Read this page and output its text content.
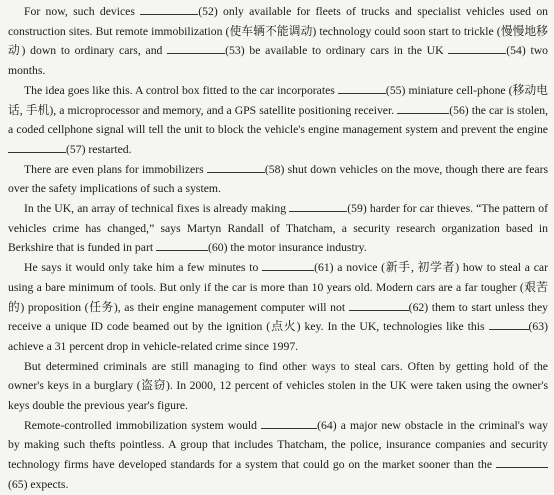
For now, such devices	(52) only available for fleets of trucks and specialist vehicles used on construction sites. But remote immobilization (使车辆不能调动) technology could soon start to trickle (慢慢地移动) down to ordinary cars, and	(53) be available to ordinary cars in the UK	(54) two months.

The idea goes like this. A control box fitted to the car incorporates	(55) miniature cell-phone (移动电话, 手机), a microprocessor and memory, and a GPS satellite positioning receiver.	(56) the car is stolen, a coded cellphone signal will tell the unit to block the vehicle's engine management system and prevent the engine (57) restarted.

There are even plans for immobilizers	(58) shut down vehicles on the move, though there are fears over the safety implications of such a system.

In the UK, an array of technical fixes is already making	(59) harder for car thieves. “The pattern of vehicles crime has changed,” says Martyn Randall of Thatcham, a security research organization based in Berkshire that is funded in part	(60) the motor insurance industry.

He says it would only take him a few minutes to	(61) a novice (新手, 初学者) how to steal a car using a bare minimum of tools. But only if the car is more than 10 years old. Modern cars are a far tougher (艰苦的) proposition (任务), as their engine management computer will not	(62) them to start unless they receive a unique ID code beamed out by the ignition (点火) key. In the UK, technologies like this	(63) achieve a 31 percent drop in vehicle-related crime since 1997.

But determined criminals are still managing to find other ways to steal cars. Often by getting hold of the owner's keys in a burglary (盗窃). In 2000, 12 percent of vehicles stolen in the UK were taken using the owner's keys double the previous year's figure.

Remote-controlled immobilization system would	(64) a major new obstacle in the criminal's way by making such thefts pointless. A group that includes Thatcham, the police, insurance companies and security technology firms have developed standards for a system that could go on the market sooner than the (65) expects.
